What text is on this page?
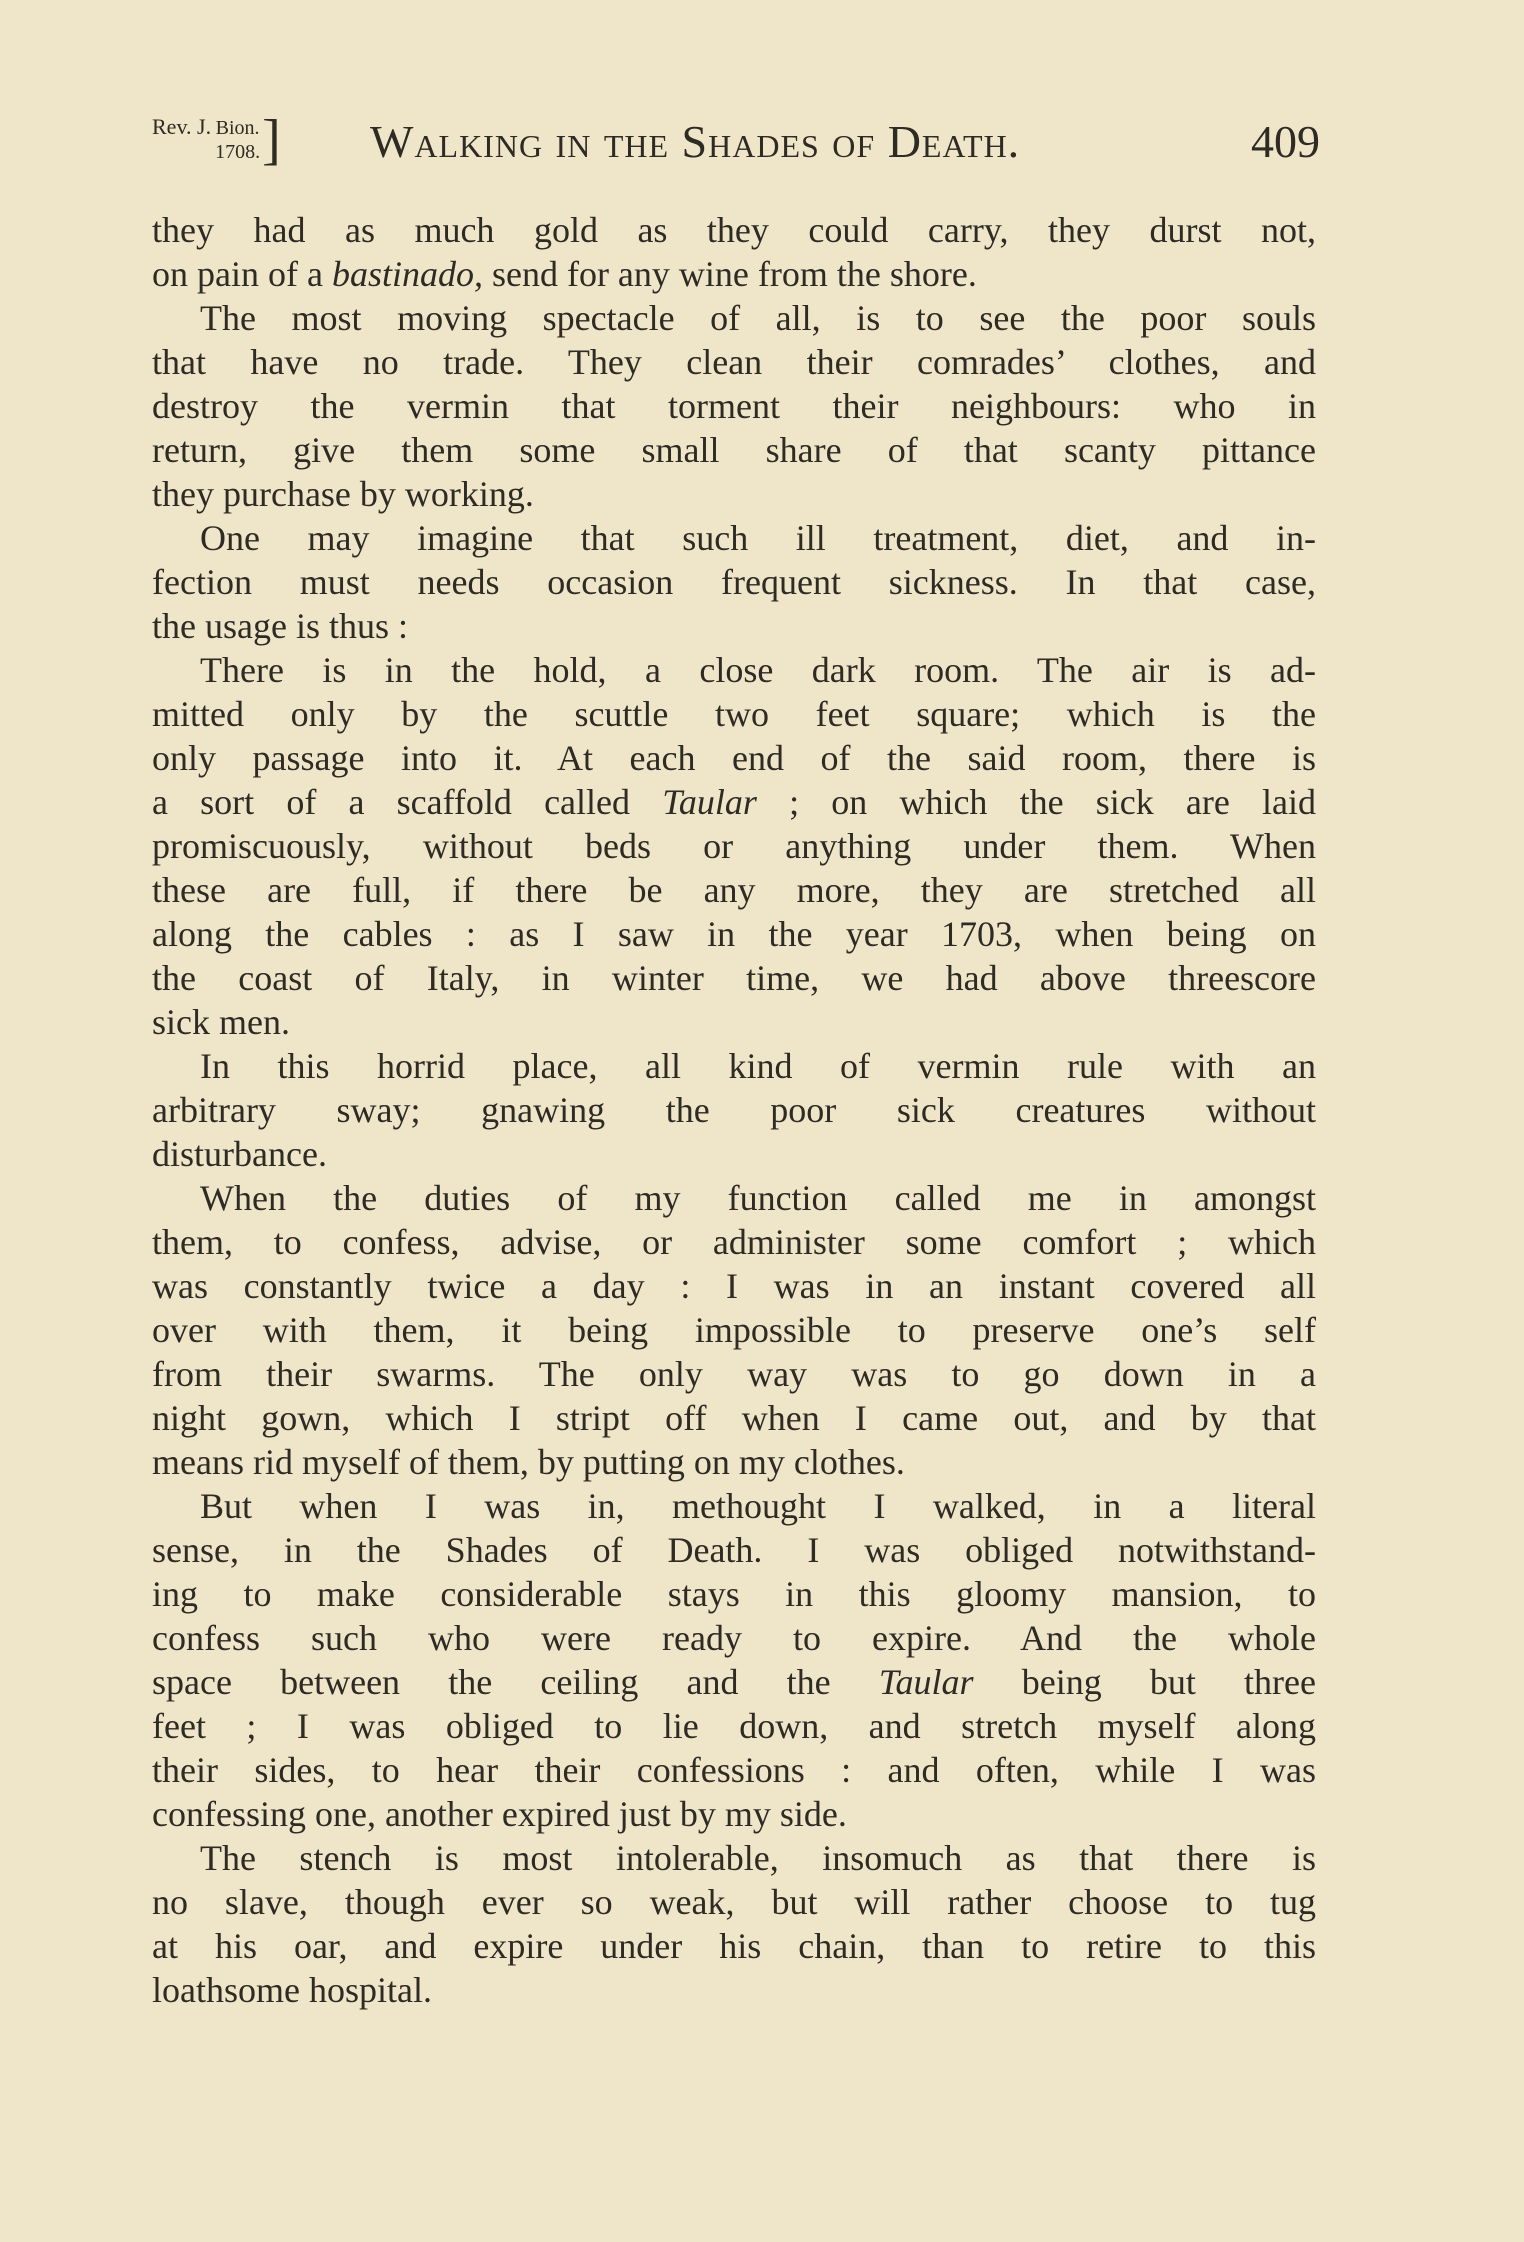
Rev. J. Bion.
1708.] Walking in the Shades of Death.	409
they had as much gold as they could carry, they durst not,
on pain of a bastinado, send for any wine from the shore.
The most moving spectacle of all, is to see the poor souls
that have no trade. They clean their comrades’ clothes, and
destroy the vermin that torment their neighbours: who in
return, give them some small share of that scanty pittance
they purchase by working.
One may imagine that such ill treatment, diet, and in-
fection must needs occasion frequent sickness. In that case,
the usage is thus :
There is in the hold, a close dark room. The air is ad-
mitted only by the scuttle two feet square; which is the
only passage into it. At each end of the said room, there is
a sort of a scaffold called Taular ; on which the sick are laid
promiscuously, without beds or anything under them. When
these are full, if there be any more, they are stretched all
along the cables : as I saw in the year 1703, when being on
the coast of Italy, in winter time, we had above threescore
sick men.
In this horrid place, all kind of vermin rule with an
arbitrary sway; gnawing the poor sick creatures without
disturbance.
When the duties of my function called me in amongst
them, to confess, advise, or administer some comfort ; which
was constantly twice a day : I was in an instant covered all
over with them, it being impossible to preserve one’s self
from their swarms. The only way was to go down in a
night gown, which I stript off when I came out, and by that
means rid myself of them, by putting on my clothes.
But when I was in, methought I walked, in a literal
sense, in the Shades of Death. I was obliged notwithstand-
ing to make considerable stays in this gloomy mansion, to
confess such who were ready to expire. And the whole
space between the ceiling and the Taular being but three
feet ; I was obliged to lie down, and stretch myself along
their sides, to hear their confessions : and often, while I was
confessing one, another expired just by my side.
The stench is most intolerable, insomuch as that there is
no slave, though ever so weak, but will rather choose to tug
at his oar, and expire under his chain, than to retire to this
loathsome hospital.
